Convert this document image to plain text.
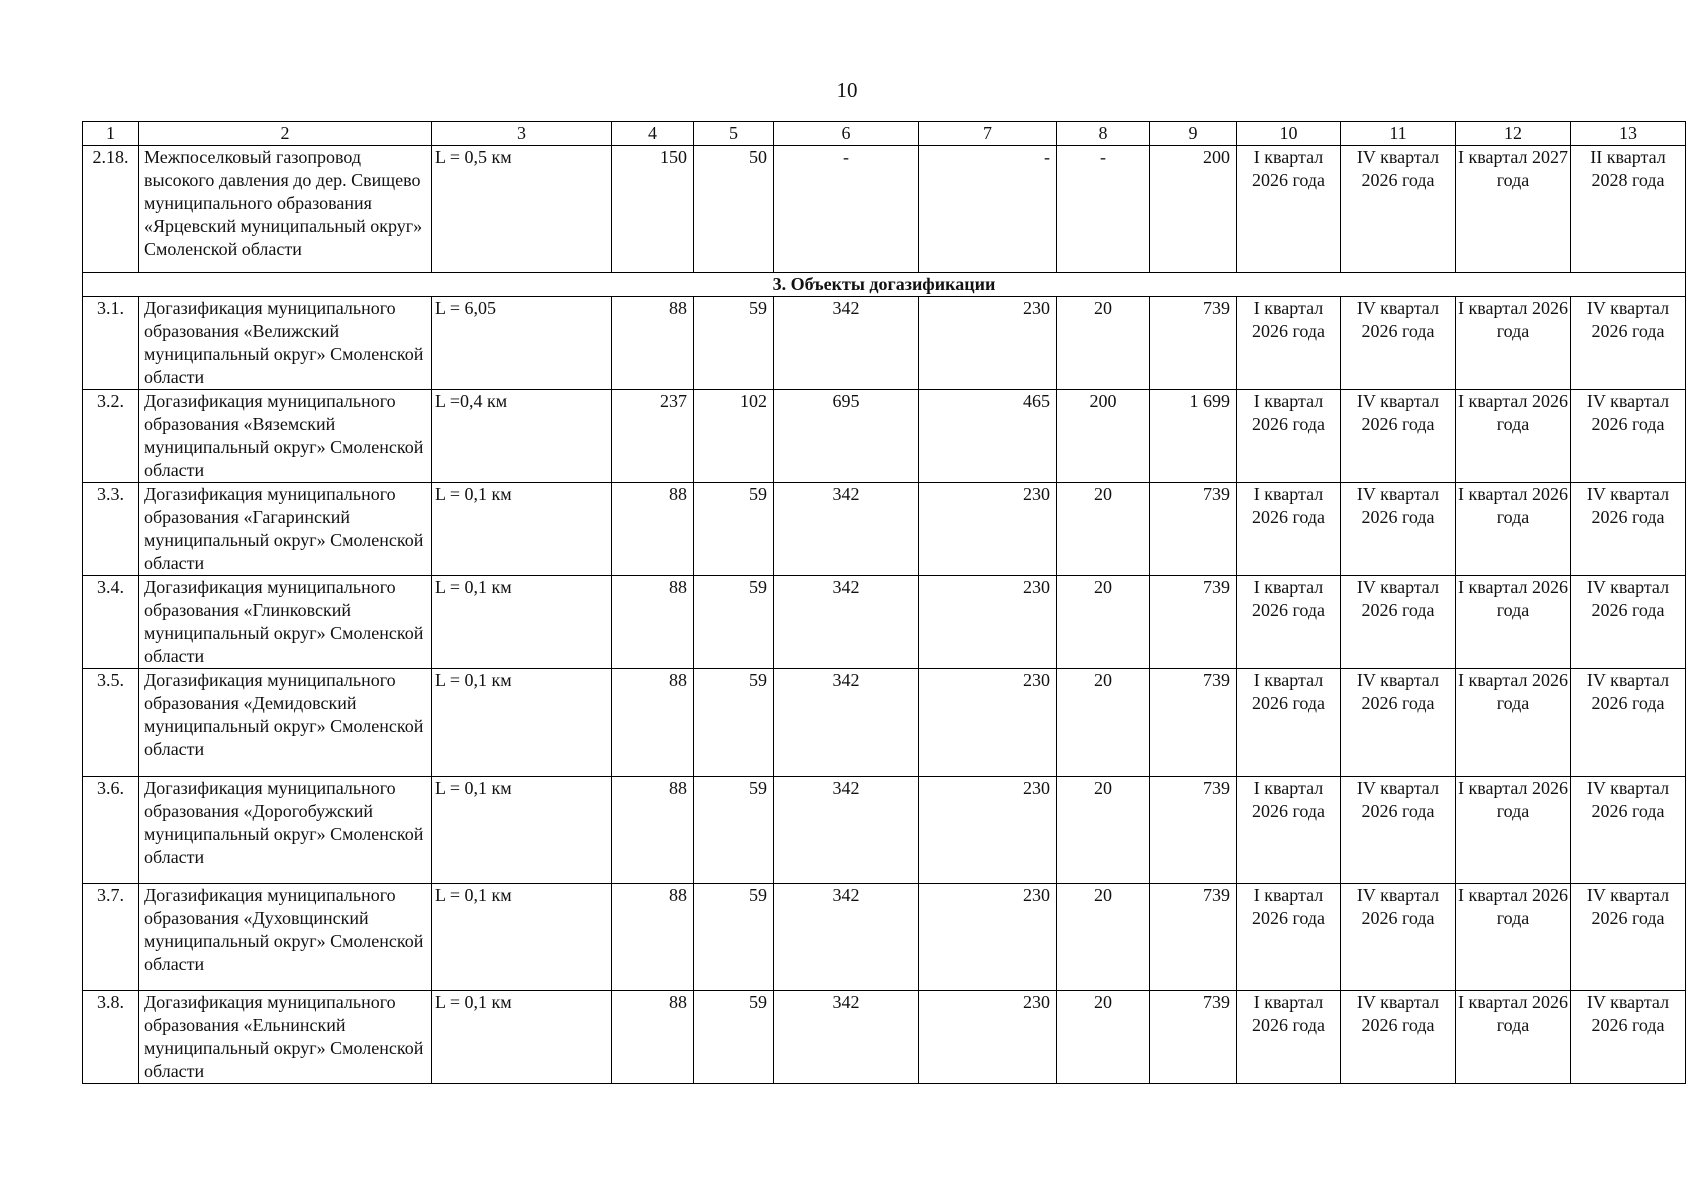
10
1	2	3	4	5	6	7	8	9	10	11	12	13
2.18.	Межпоселковый газопровод высокого давления до дер. Свищево муниципального образования «Ярцевский муниципальный округ» Смоленской области	L = 0,5 км	150	50	-	-	-	200	I квартал 2026 года	IV квартал 2026 года	I квартал 2027 года	II квартал 2028 года
3. Объекты догазификации												
3.1.	Догазификация муниципального образования «Велижский муниципальный округ» Смоленской области	L = 6,05	88	59	342	230	20	739	I квартал 2026 года	IV квартал 2026 года	I квартал 2026 года	IV квартал 2026 года
3.2.	Догазификация муниципального образования «Вяземский муниципальный округ» Смоленской области	L =0,4 км	237	102	695	465	200	1 699	I квартал 2026 года	IV квартал 2026 года	I квартал 2026 года	IV квартал 2026 года
3.3.	Догазификация муниципального образования «Гагаринский муниципальный округ» Смоленской области	L = 0,1 км	88	59	342	230	20	739	I квартал 2026 года	IV квартал 2026 года	I квартал 2026 года	IV квартал 2026 года
3.4.	Догазификация муниципального образования «Глинковский муниципальный округ» Смоленской области	L = 0,1 км	88	59	342	230	20	739	I квартал 2026 года	IV квартал 2026 года	I квартал 2026 года	IV квартал 2026 года
3.5.	Догазификация муниципального образования «Демидовский муниципальный округ» Смоленской области	L = 0,1 км	88	59	342	230	20	739	I квартал 2026 года	IV квартал 2026 года	I квартал 2026 года	IV квартал 2026 года
3.6.	Догазификация муниципального образования «Дорогобужский муниципальный округ» Смоленской области	L = 0,1 км	88	59	342	230	20	739	I квартал 2026 года	IV квартал 2026 года	I квартал 2026 года	IV квартал 2026 года
3.7.	Догазификация муниципального образования «Духовщинский муниципальный округ» Смоленской области	L = 0,1 км	88	59	342	230	20	739	I квартал 2026 года	IV квартал 2026 года	I квартал 2026 года	IV квартал 2026 года
3.8.	Догазификация муниципального образования «Ельнинский муниципальный округ» Смоленской области	L = 0,1 км	88	59	342	230	20	739	I квартал 2026 года	IV квартал 2026 года	I квартал 2026 года	IV квартал 2026 года
